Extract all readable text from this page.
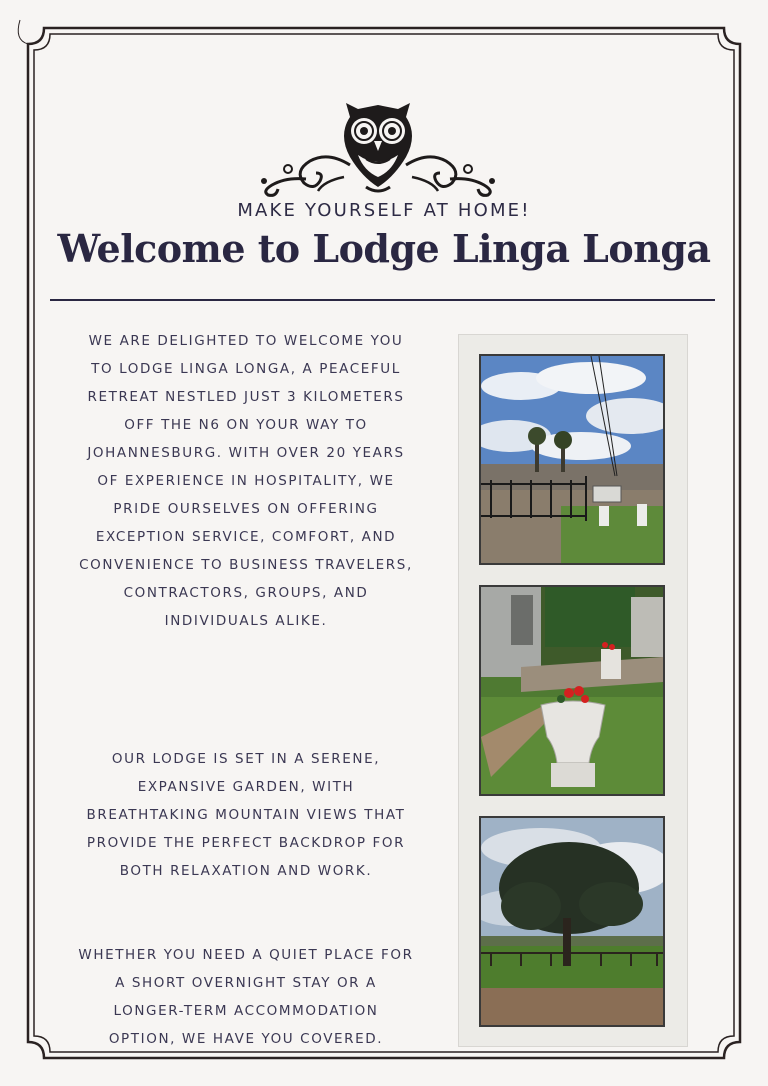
MAKE YOURSELF AT HOME!
Welcome to Lodge Linga Longa
WE ARE DELIGHTED TO WELCOME YOU TO LODGE LINGA LONGA, A PEACEFUL RETREAT NESTLED JUST 3 KILOMETERS OFF THE N6 ON YOUR WAY TO JOHANNESBURG. WITH OVER 20 YEARS OF EXPERIENCE IN HOSPITALITY, WE PRIDE OURSELVES ON OFFERING EXCEPTION SERVICE, COMFORT, AND CONVENIENCE TO BUSINESS TRAVELERS, CONTRACTORS, GROUPS, AND INDIVIDUALS ALIKE.
OUR LODGE IS SET IN A SERENE, EXPANSIVE GARDEN, WITH BREATHTAKING MOUNTAIN VIEWS THAT PROVIDE THE PERFECT BACKDROP FOR BOTH RELAXATION AND WORK.
WHETHER YOU NEED A QUIET PLACE FOR A SHORT OVERNIGHT STAY OR A LONGER-TERM ACCOMMODATION OPTION, WE HAVE YOU COVERED.
